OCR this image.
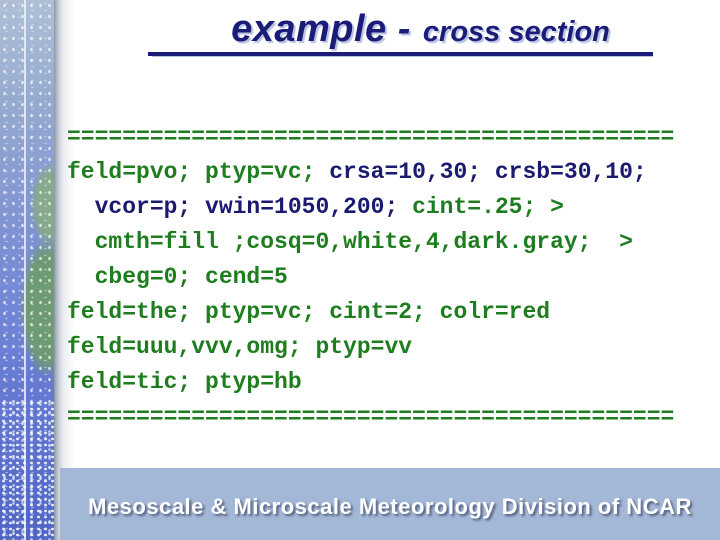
example - cross section
============================================
feld=pvo; ptyp=vc; crsa=10,30; crsb=30,10;
vcor=p; vwin=1050,200; cint=.25; >
cmth=fill ;cosq=0,white,4,dark.gray;  >
cbeg=0; cend=5
feld=the; ptyp=vc; cint=2; colr=red
feld=uuu,vvv,omg; ptyp=vv
feld=tic; ptyp=hb
============================================
Mesoscale & Microscale Meteorology Division of NCAR
